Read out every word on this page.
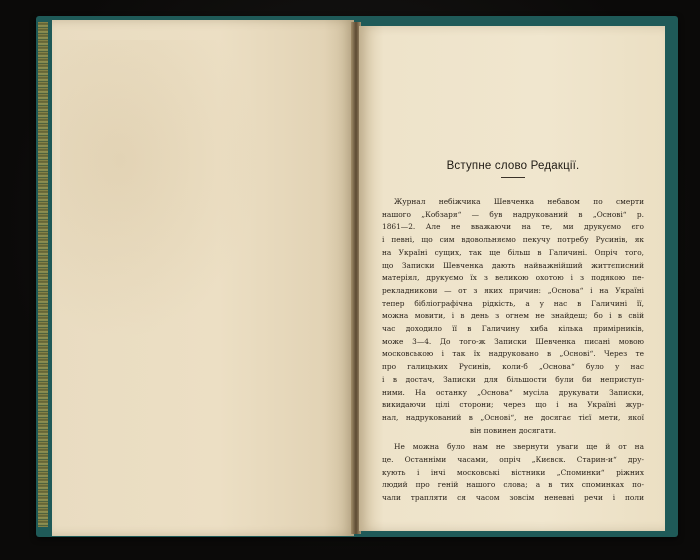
Вступне слово Редакції.
Журнал небіжчика Шевченка небавом по смерти
нашого „Кобзаря“ — був надрукований в „Основі“ р.
1861—2. Але не вважаючи на те, ми друкуємо єго
і певні, що сим вдовольняємо пекучу потребу Русинів, як
на Україні сущих, так ще більш в Галичині. Опріч того,
що Записки Шевченка дають найважнійший життєписний
матеріял, друкуємо їх з великою охотою і з подякою пе-
рекладникови — от з яких причин: „Основа“ і на Україні
тепер бібліографічна рідкість, а у нас в Галичині її,
можна мовити, і в день з огнем не знайдеш; бо і в свій
час доходило її в Галичину хиба кілька примірників,
може 3—4. До того-ж Записки Шевченка писані мовою
московською і так їх надруковано в „Основі“. Через те
про галицьких Русинів, коли-б „Основа“ було у нас
і в достач, Записки для більшости були би неприступ-
ними. На останку „Основа“ мусіла друкувати Записки,
викидаючи цілі сторони; через що і на Україні жур-
нал, надрукований в „Основі“, не досягає тієї мети, якої
він повинен досягати.
Не можна було нам не звернути уваги ще й от на
це. Останніми часами, опріч „Києвск. Старин-и“ дру-
кують і інчі московські вістники „Споминки“ ріжних
людий про геній нашого слова; а в тих споминках по-
чали трапляти ся часом зовсім неневні речи і поли
